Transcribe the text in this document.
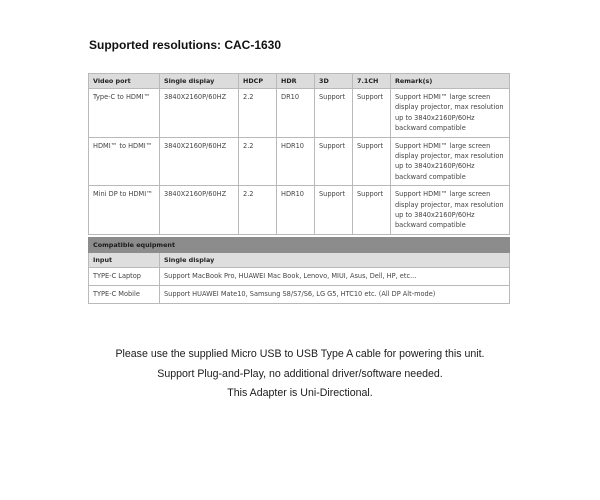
Supported resolutions: CAC-1630
Video port	Single display	HDCP	HDR	3D	7.1CH	Remark(s)
Type-C to HDMI™	3840X2160P/60HZ	2.2	DR10	Support	Support	Support HDMI™ large screen display projector, max resolution up to 3840x2160P/60Hz backward compatible
HDMI™ to HDMI™	3840X2160P/60HZ	2.2	HDR10	Support	Support	Support HDMI™ large screen display projector, max resolution up to 3840x2160P/60Hz backward compatible
Mini DP to HDMI™	3840X2160P/60HZ	2.2	HDR10	Support	Support	Support HDMI™ large screen display projector, max resolution up to 3840x2160P/60Hz backward compatible
Compatible equipment	
Input	Single display
TYPE-C Laptop	Support MacBook Pro, HUAWEI Mac Book, Lenovo, MIUI, Asus, Dell, HP, etc...
TYPE-C Mobile	Support HUAWEI Mate10, Samsung S8/S7/S6, LG G5, HTC10 etc. (All DP Alt-mode)
Please use the supplied Micro USB to USB Type A cable for powering this unit.
Support Plug-and-Play, no additional driver/software needed.
This Adapter is Uni-Directional.
